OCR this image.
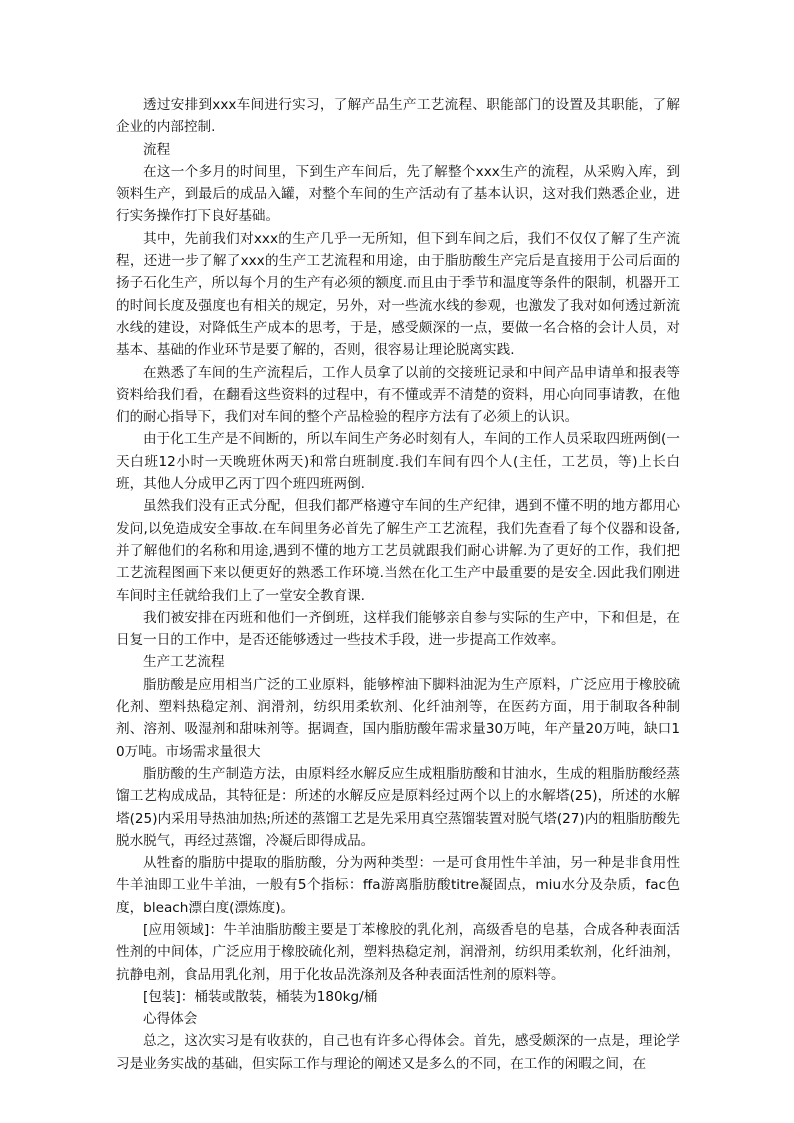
透过安排到xxx车间进行实习，了解产品生产工艺流程、职能部门的设置及其职能，了解企业的内部控制.

流程

在这一个多月的时间里，下到生产车间后，先了解整个xxx生产的流程，从采购入库，到领料生产，到最后的成品入罐，对整个车间的生产活动有了基本认识，这对我们熟悉企业，进行实务操作打下良好基础。

其中，先前我们对xxx的生产几乎一无所知，但下到车间之后，我们不仅仅了解了生产流程，还进一步了解了xxx的生产工艺流程和用途，由于脂肪酸生产完后是直接用于公司后面的扬子石化生产，所以每个月的生产有必须的额度.而且由于季节和温度等条件的限制，机器开工的时间长度及强度也有相关的规定，另外，对一些流水线的参观，也激发了我对如何透过新流水线的建设，对降低生产成本的思考，于是，感受颇深的一点，要做一名合格的会计人员，对基本、基础的作业环节是要了解的，否则，很容易让理论脱离实践.

在熟悉了车间的生产流程后，工作人员拿了以前的交接班记录和中间产品申请单和报表等资料给我们看，在翻看这些资料的过程中，有不懂或弄不清楚的资料，用心向同事请教，在他们的耐心指导下，我们对车间的整个产品检验的程序方法有了必须上的认识。

由于化工生产是不间断的，所以车间生产务必时刻有人，车间的工作人员采取四班两倒(一天白班12小时一天晚班休两天)和常白班制度.我们车间有四个人(主任，工艺员，等)上长白班，其他人分成甲乙丙丁四个班四班两倒.

虽然我们没有正式分配，但我们都严格遵守车间的生产纪律，遇到不懂不明的地方都用心发问,以免造成安全事故.在车间里务必首先了解生产工艺流程，我们先查看了每个仪器和设备,并了解他们的名称和用途,遇到不懂的地方工艺员就跟我们耐心讲解.为了更好的工作，我们把工艺流程图画下来以便更好的熟悉工作环境.当然在化工生产中最重要的是安全.因此我们刚进车间时主任就给我们上了一堂安全教育课.

我们被安排在丙班和他们一齐倒班，这样我们能够亲自参与实际的生产中，下和但是，在日复一日的工作中，是否还能够透过一些技术手段，进一步提高工作效率。

生产工艺流程

脂肪酸是应用相当广泛的工业原料，能够榨油下脚料油泥为生产原料，广泛应用于橡胶硫化剂、塑料热稳定剂、润滑剂，纺织用柔软剂、化纤油剂等，在医药方面，用于制取各种制剂、溶剂、吸湿剂和甜味剂等。据调查，国内脂肪酸年需求量30万吨，年产量20万吨，缺口10万吨。市场需求量很大

脂肪酸的生产制造方法，由原料经水解反应生成粗脂肪酸和甘油水，生成的粗脂肪酸经蒸馏工艺构成成品，其特征是：所述的水解反应是原料经过两个以上的水解塔(25)，所述的水解塔(25)内采用导热油加热;所述的蒸馏工艺是先采用真空蒸馏装置对脱气塔(27)内的粗脂肪酸先脱水脱气，再经过蒸馏，冷凝后即得成品。

从牲畜的脂肪中提取的脂肪酸，分为两种类型：一是可食用性牛羊油，另一种是非食用性牛羊油即工业牛羊油，一般有5个指标：ffa游离脂肪酸titre凝固点，miu水分及杂质，fac色度，bleach漂白度(漂炼度)。

[应用领域]：牛羊油脂肪酸主要是丁苯橡胶的乳化剂，高级香皂的皂基，合成各种表面活性剂的中间体，广泛应用于橡胶硫化剂，塑料热稳定剂，润滑剂，纺织用柔软剂，化纤油剂，抗静电剂，食品用乳化剂，用于化妆品洗涤剂及各种表面活性剂的原料等。

[包装]：桶装或散装，桶装为180kg/桶

心得体会

总之，这次实习是有收获的，自己也有许多心得体会。首先，感受颇深的一点是，理论学习是业务实战的基础，但实际工作与理论的阐述又是多么的不同，在工作的闲暇之间，在
